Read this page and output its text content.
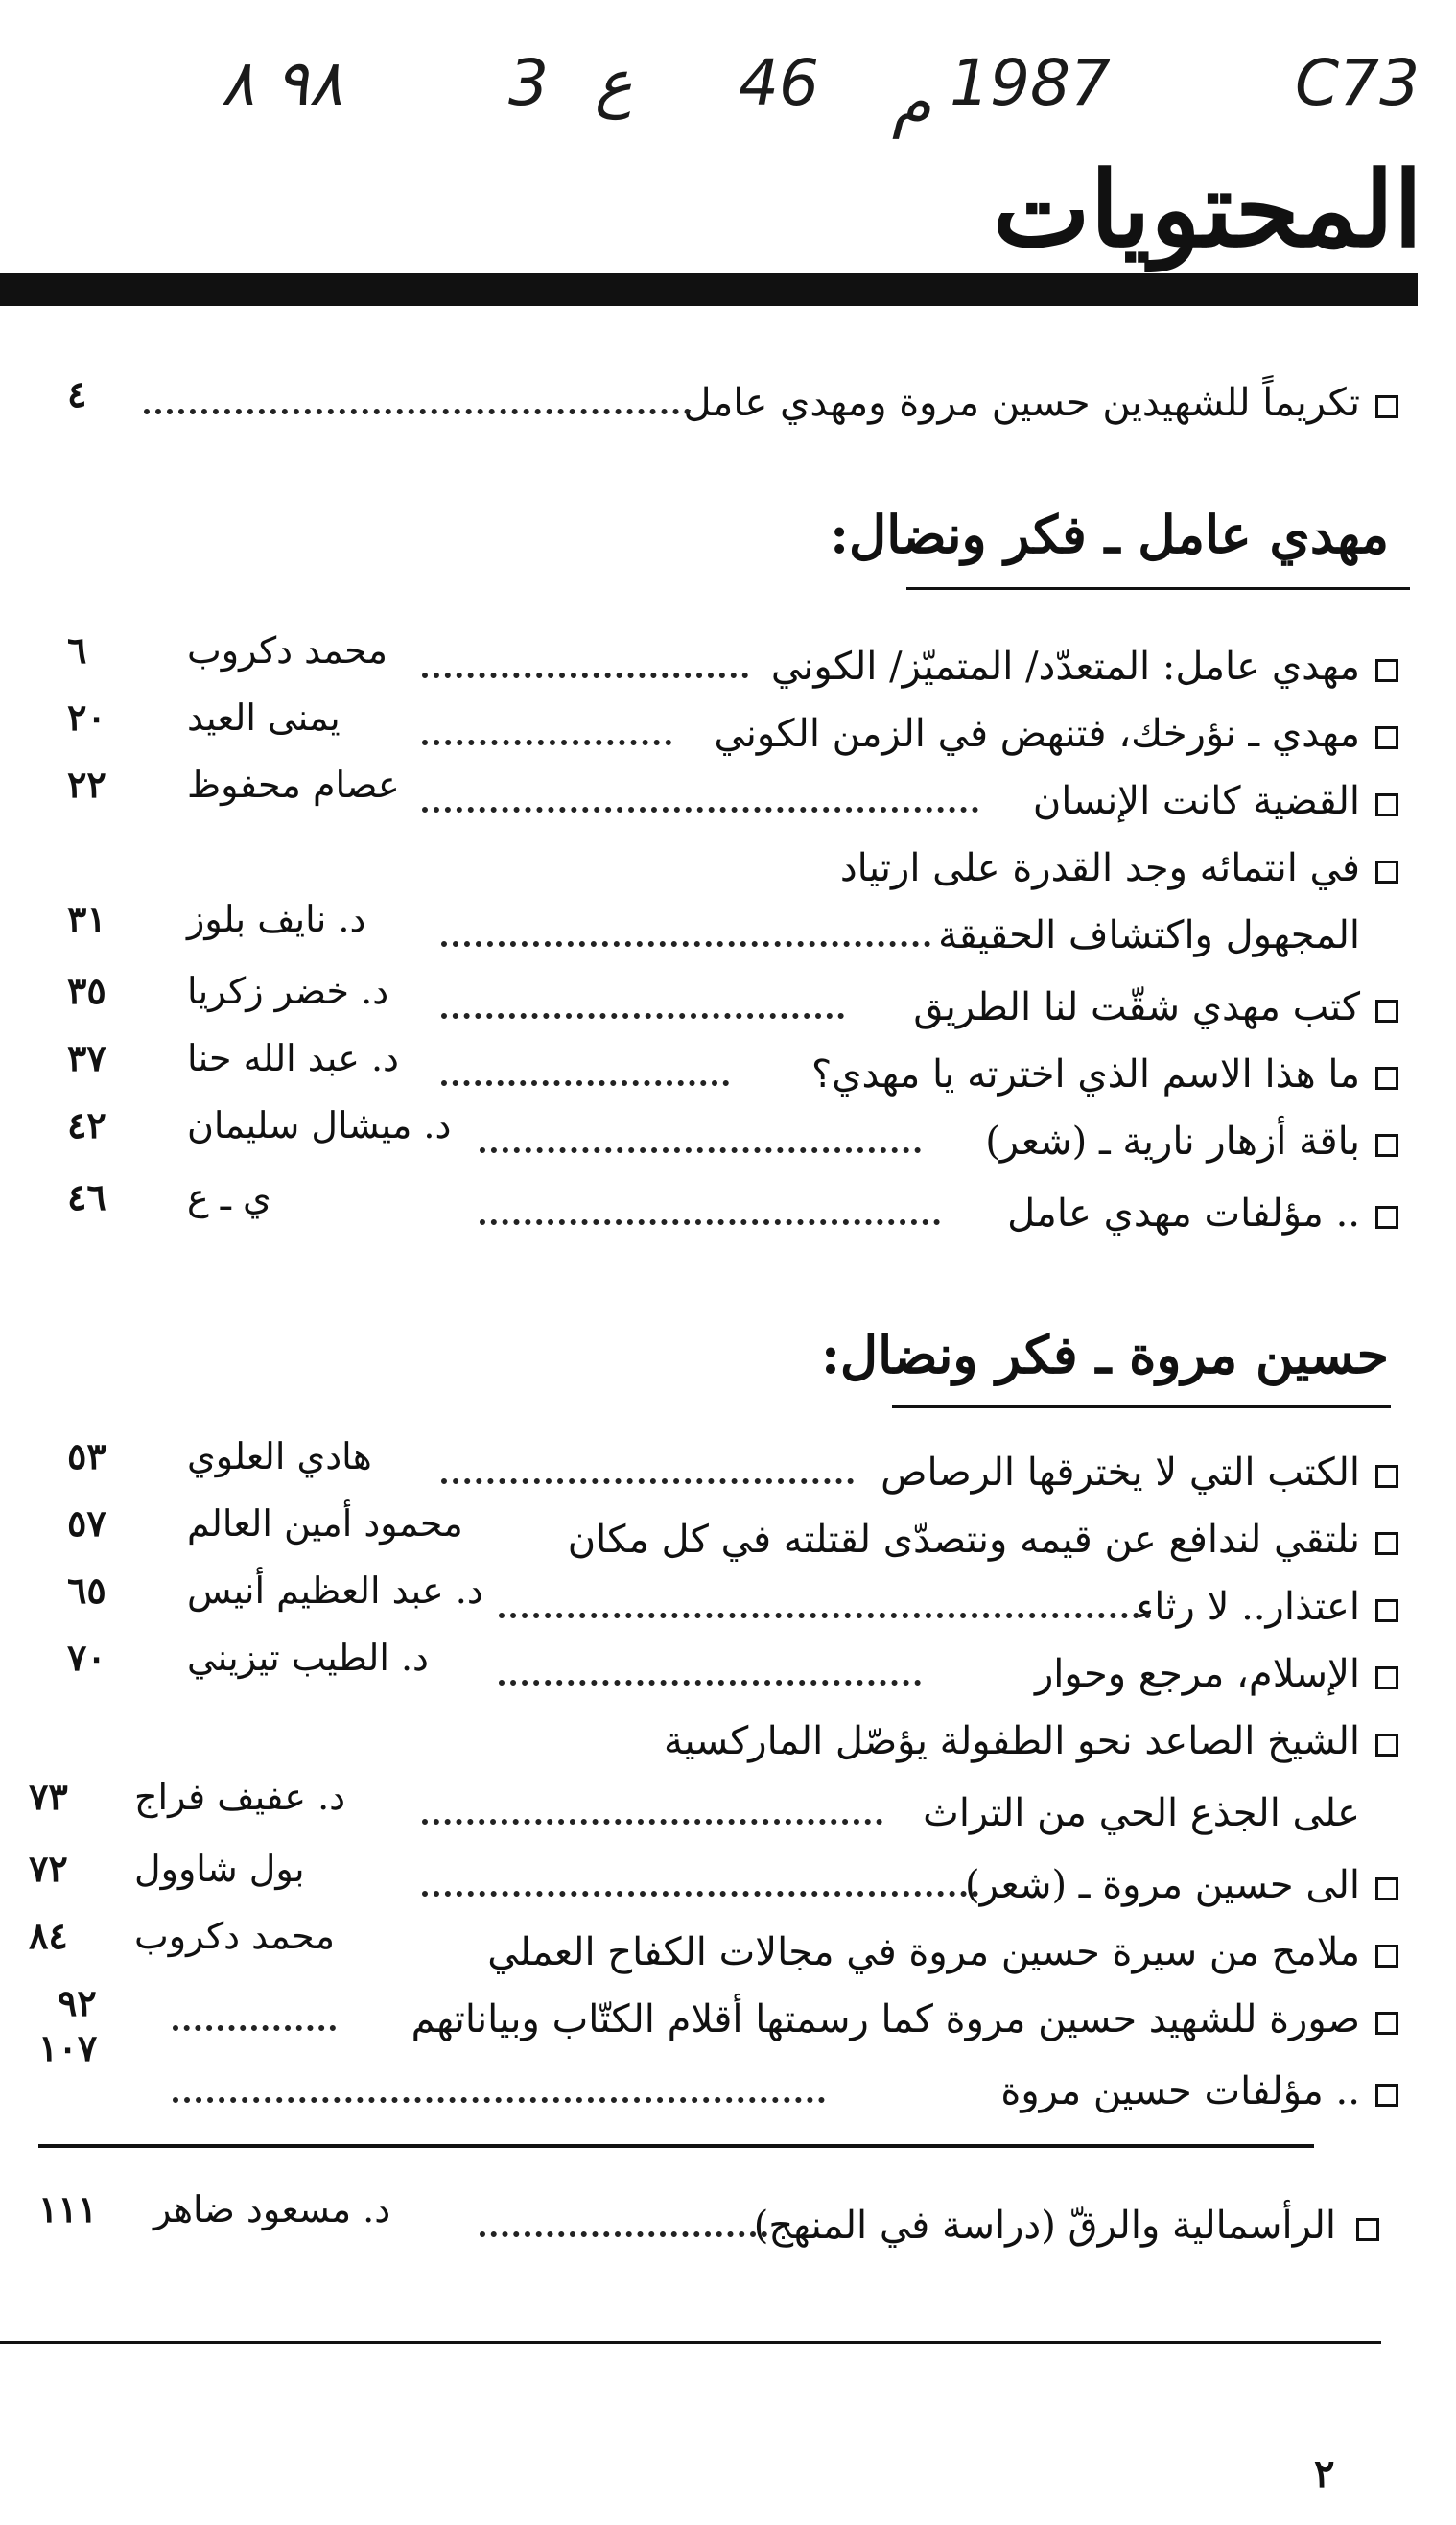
٩٨ ٨	3 ع 46 م 1987	C73
المحتويات
تكريماً للشهيدين حسين مروة ومهدي عامل
٤
مهدي عامل ـ فكر ونضال:
مهدي عامل: المتعدّد/ المتميّز/ الكوني
محمد دكروب
٦
مهدي ـ نؤرخك، فتنهض في الزمن الكوني
يمنى العيد
٢٠
القضية كانت الإنسان
عصام محفوظ
٢٢
في انتمائه وجد القدرة على ارتياد
المجهول واكتشاف الحقيقة
د. نايف بلوز
٣١
كتب مهدي شقّت لنا الطريق
د. خضر زكريا
٣٥
ما هذا الاسم الذي اخترته يا مهدي؟
د. عبد الله حنا
٣٧
باقة أزهار نارية ـ (شعر)
د. ميشال سليمان
٤٢
.. مؤلفات مهدي عامل
ي ـ ع
٤٦
حسين مروة ـ فكر ونضال:
الكتب التي لا يخترقها الرصاص
هادي العلوي
٥٣
نلتقي لندافع عن قيمه ونتصدّى لقتلته في كل مكان
محمود أمين العالم
٥٧
اعتذار.. لا رثاء
د. عبد العظيم أنيس
٦٥
الإسلام، مرجع وحوار
د. الطيب تيزيني
٧٠
الشيخ الصاعد نحو الطفولة يؤصّل الماركسية
على الجذع الحي من التراث
د. عفيف فراج
٧٣
الى حسين مروة ـ (شعر)
بول شاوول
٧٢
ملامح من سيرة حسين مروة في مجالات الكفاح العملي
محمد دكروب
٨٤
صورة للشهيد حسين مروة كما رسمتها أقلام الكتّاب وبياناتهم
٩٢
.. مؤلفات حسين مروة
١٠٧
الرأسمالية والرقّ (دراسة في المنهج)
د. مسعود ضاهر
١١١
٢
